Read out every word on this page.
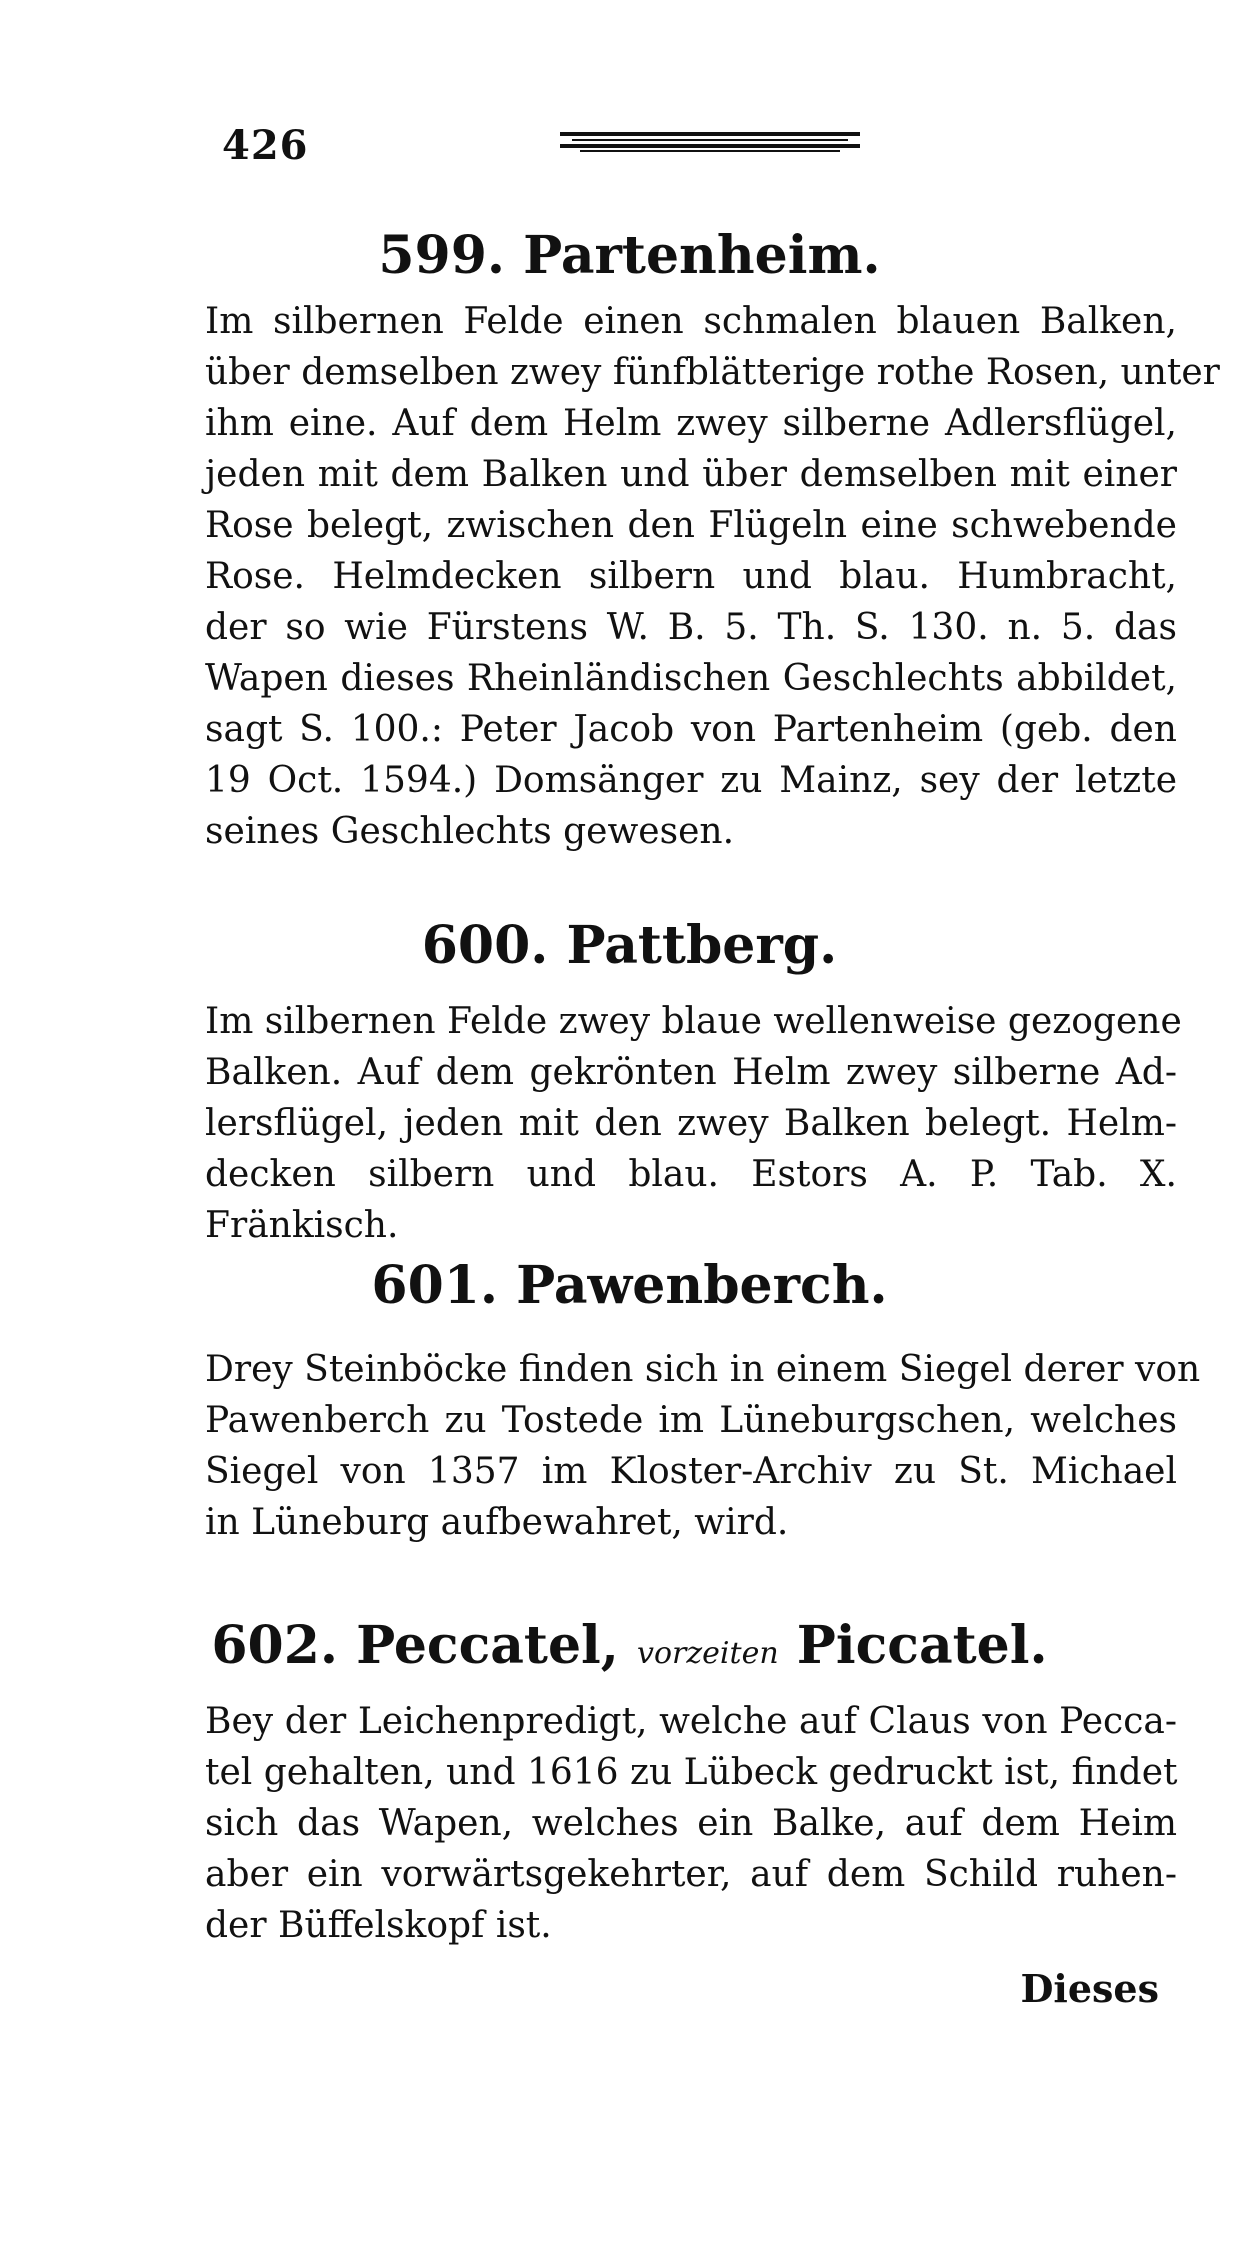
426
599. Partenheim.
Im silbernen Felde einen schmalen blauen Balken,
über demselben zwey fünfblätterige rothe Rosen, unter
ihm eine. Auf dem Helm zwey silberne Adlersflügel,
jeden mit dem Balken und über demselben mit einer
Rose belegt, zwischen den Flügeln eine schwebende
Rose. Helmdecken silbern und blau. Humbracht,
der so wie Fürstens W. B. 5. Th. S. 130. n. 5. das
Wapen dieses Rheinländischen Geschlechts abbildet,
sagt S. 100.: Peter Jacob von Partenheim (geb. den
19 Oct. 1594.) Domsänger zu Mainz, sey der letzte
seines Geschlechts gewesen.
600. Pattberg.
Im silbernen Felde zwey blaue wellenweise gezogene
Balken. Auf dem gekrönten Helm zwey silberne Ad-
lersflügel, jeden mit den zwey Balken belegt. Helm-
decken silbern und blau. Estors A. P. Tab. X.
Fränkisch.
601. Pawenberch.
Drey Steinböcke finden sich in einem Siegel derer von
Pawenberch zu Tostede im Lüneburgschen, welches
Siegel von 1357 im Kloster-Archiv zu St. Michael
in Lüneburg aufbewahret, wird.
602. Peccatel, vorzeiten Piccatel.
Bey der Leichenpredigt, welche auf Claus von Pecca-
tel gehalten, und 1616 zu Lübeck gedruckt ist, findet
sich das Wapen, welches ein Balke, auf dem Heim
aber ein vorwärtsgekehrter, auf dem Schild ruhen-
der Büffelskopf ist.
Dieses
